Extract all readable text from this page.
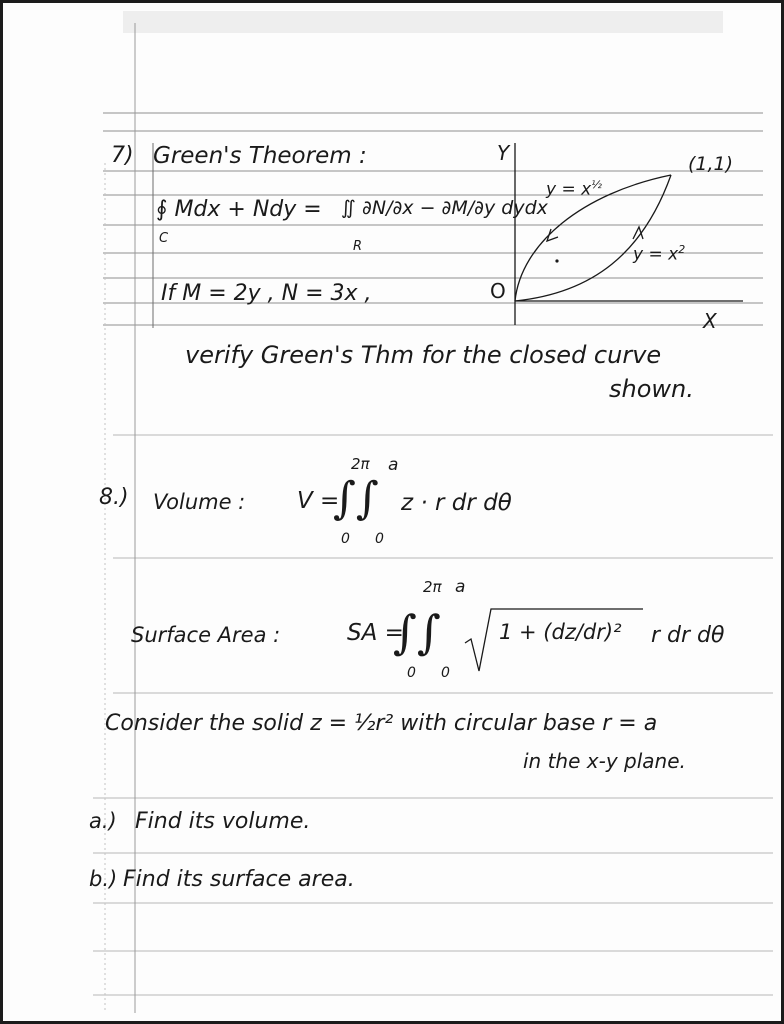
7) Green's Theorem :
∮ Mdx + Ndy = ∬ ∂N/∂x − ∂M/∂y dydx
C
R
If M = 2y , N = 3x ,
verify Green's Thm for the closed curve
shown.
Y
X
O
(1,1)
$y = x^{\frac{1}{2}}$
$y = x^2$
8.) Volume : V =
∫∫
2π a
0 0
z · r dr dθ
Surface Area :	SA =
∫∫
2π a
0 0
1 + (dz/dr)² r dr dθ
Consider the solid z = ½r² with circular base r = a
in the x-y plane.
a.) Find its volume.
b.) Find its surface area.
